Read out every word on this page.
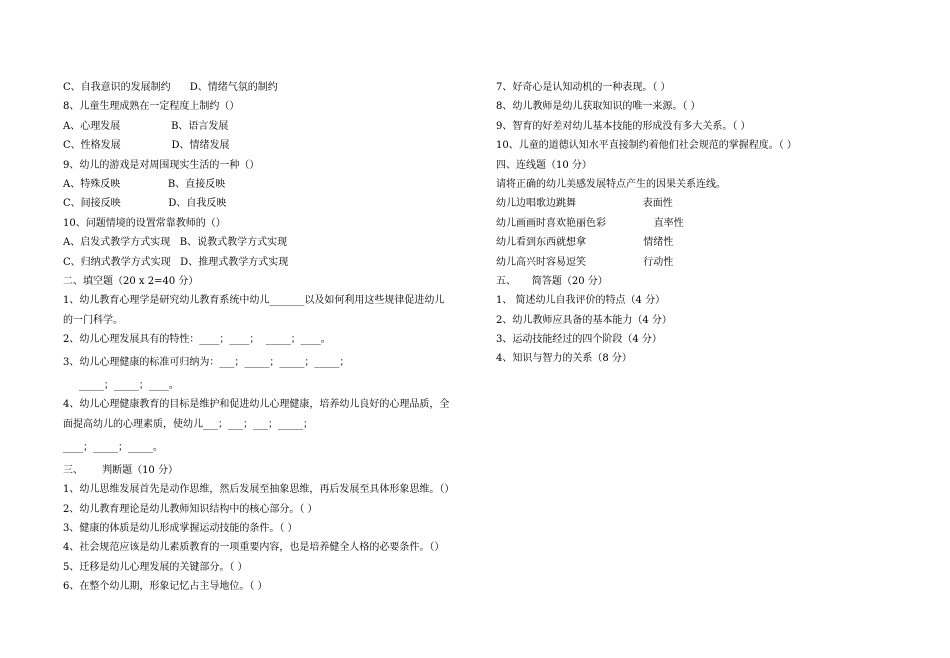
C、自我意识的发展制约      D、情绪气氛的制约
8、儿童生理成熟在一定程度上制约（）
A、心理发展                B、语言发展
C、性格发展                D、情绪发展
9、幼儿的游戏是对周围现实生活的一种（）
A、特殊反映               B、直接反映
C、间接反映               D、自我反映
10、问题情境的设置常靠教师的（）
A、启发式教学方式实现   B、说教式教学方式实现
C、归纳式教学方式实现   D、推理式教学方式实现
二、填空题（20 x 2=40 分）
1、幼儿教育心理学是研究幼儿教育系统中幼儿_______以及如何利用这些规律促进幼儿
的一门科学。
2、幼儿心理发展具有的特性：____；____；  _____；____。
3、幼儿心理健康的标准可归纳为：___；_____；_____；_____；
_____；_____；____。
4、幼儿心理健康教育的目标是维护和促进幼儿心理健康，培养幼儿良好的心理品质，全
面提高幼儿的心理素质，使幼儿___；___；___；_____；
____；_____；_____。
三、      判断题（10 分）
1、幼儿思维发展首先是动作思维，然后发展至抽象思维，再后发展至具体形象思维。（）
2、幼儿教育理论是幼儿教师知识结构中的核心部分。（ ）
3、健康的体质是幼儿形成掌握运动技能的条件。（ ）
4、社会规范应该是幼儿素质教育的一项重要内容，也是培养健全人格的必要条件。（）
5、迁移是幼儿心理发展的关键部分。（ ）
6、在整个幼儿期，形象记忆占主导地位。（ ）
7、好奇心是认知动机的一种表现。（ ）
8、幼儿教师是幼儿获取知识的唯一来源。（ ）
9、智育的好差对幼儿基本技能的形成没有多大关系。（ ）
10、儿童的道德认知水平直接制约着他们社会规范的掌握程度。（ ）
四、连线题（10 分）
请将正确的幼儿美感发展特点产生的因果关系连线。
幼儿边唱歌边跳舞                     表面性
幼儿画画时喜欢艳丽色彩               直率性
幼儿看到东西就想拿                  情绪性
幼儿高兴时容易逗笑                  行动性
五、     简答题（20 分）
1、 简述幼儿自我评价的特点（4 分）
2、幼儿教师应具备的基本能力（4 分）
3、运动技能经过的四个阶段（4 分）
4、知识与智力的关系（8 分）
